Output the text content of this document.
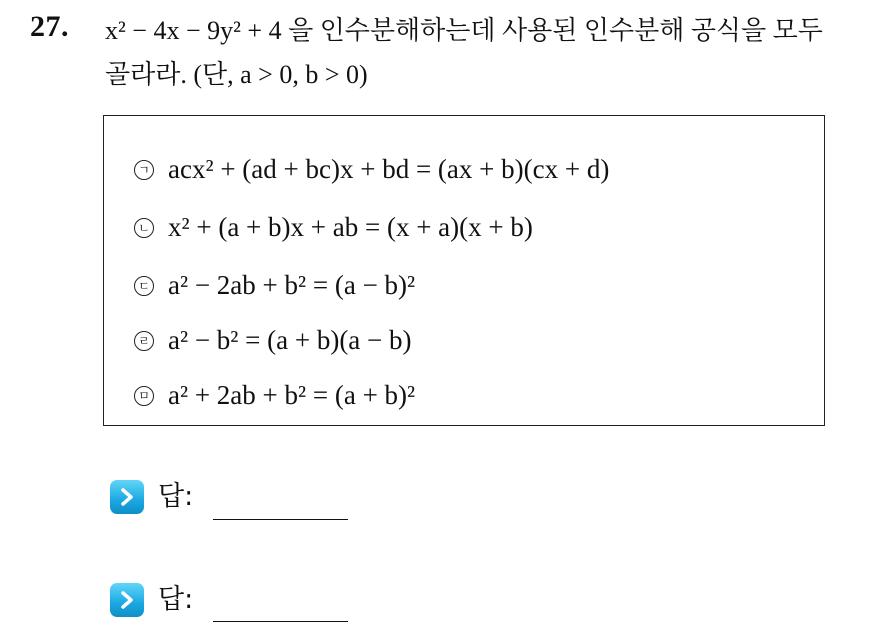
27. x² − 4x − 9y² + 4 을 인수분해하는데 사용된 인수분해 공식을 모두
골라라. (단, a > 0, b > 0)
ㄱ acx² + (ad + bc)x + bd = (ax + b)(cx + d)
ㄴ x² + (a + b)x + ab = (x + a)(x + b)
ㄷ a² − 2ab + b² = (a − b)²
ㄹ a² − b² = (a + b)(a − b)
ㅁ a² + 2ab + b² = (a + b)²
답:
답:
